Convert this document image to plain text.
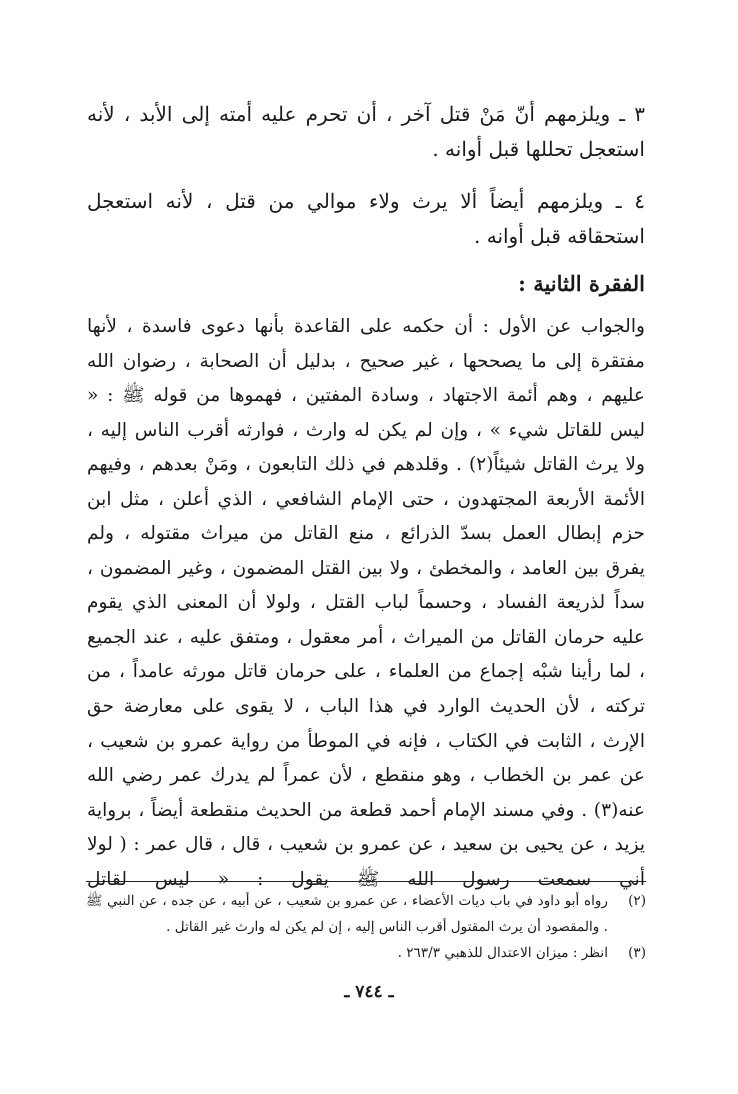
٣ ـ ويلزمهم أنّ مَنْ قتل آخر ، أن تحرم عليه أمته إلى الأبد ، لأنه استعجل تحللها قبل أوانه .

٤ ـ ويلزمهم أيضاً ألا يرث ولاء موالي من قتل ، لأنه استعجل استحقاقه قبل أوانه .

الفقرة الثانية :

والجواب عن الأول : أن حكمه على القاعدة بأنها دعوى فاسدة ، لأنها مفتقرة إلى ما يصححها ، غير صحيح ، بدليل أن الصحابة ، رضوان الله عليهم ، وهم أئمة الاجتهاد ، وسادة المفتين ، فهموها من قوله ﷺ : « ليس للقاتل شيء » ، وإن لم يكن له وارث ، فوارثه أقرب الناس إليه ، ولا يرث القاتل شيئاً(٢) . وقلدهم في ذلك التابعون ، ومَنْ بعدهم ، وفيهم الأئمة الأربعة المجتهدون ، حتى الإمام الشافعي ، الذي أعلن ، مثل ابن حزم إبطال العمل بسدّ الذرائع ، منع القاتل من ميراث مقتوله ، ولم يفرق بين العامد ، والمخطئ ، ولا بين القتل المضمون ، وغير المضمون ، سداً لذريعة الفساد ، وحسماً لباب القتل ، ولولا أن المعنى الذي يقوم عليه حرمان القاتل من الميراث ، أمر معقول ، ومتفق عليه ، عند الجميع ، لما رأينا شبْه إجماع من العلماء ، على حرمان قاتل مورثه عامداً ، من تركته ، لأن الحديث الوارد في هذا الباب ، لا يقوى على معارضة حق الإرث ، الثابت في الكتاب ، فإنه في الموطأ من رواية عمرو بن شعيب ، عن عمر بن الخطاب ، وهو منقطع ، لأن عمراً لم يدرك عمر رضي الله عنه(٣) . وفي مسند الإمام أحمد قطعة من الحديث منقطعة أيضاً ، برواية يزيد ، عن يحيى بن سعيد ، عن عمرو بن شعيب ، قال ، قال عمر : ( لولا أني سمعت رسول الله ﷺ يقول : « ليس لقاتل

(٢)
رواه أبو داود في باب ديات الأعضاء ، عن عمرو بن شعيب ، عن أبيه ، عن جده ، عن النبي ﷺ . والمقصود أن يرث المقتول أقرب الناس إليه ، إن لم يكن له وارث غير القاتل .
(٣)
انظر : ميزان الاعتدال للذهبي ٢٦٣/٣ .
ـ ٧٤٤ ـ
